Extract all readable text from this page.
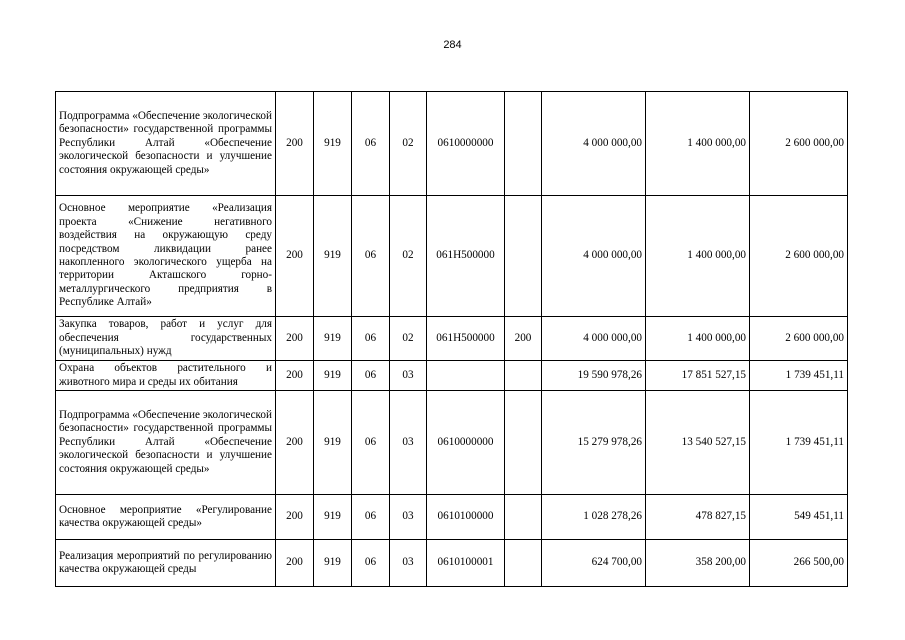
284
Подпрограмма «Обеспечение экологической безопасности» государственной программы Республики Алтай «Обеспечение экологической безопасности и улучшение состояния окружающей среды»	200	919	06	02	0610000000		4 000 000,00	1 400 000,00	2 600 000,00
Основное мероприятие «Реализация проекта «Снижение негативного воздействия на окружающую среду посредством ликвидации ранее накопленного экологического ущерба на территории Акташского горно-металлургического предприятия в Республике Алтай»	200	919	06	02	061H500000		4 000 000,00	1 400 000,00	2 600 000,00
Закупка товаров, работ и услуг для обеспечения государственных (муниципальных) нужд	200	919	06	02	061H500000	200	4 000 000,00	1 400 000,00	2 600 000,00
Охрана объектов растительного и животного мира и среды их обитания	200	919	06	03			19 590 978,26	17 851 527,15	1 739 451,11
Подпрограмма «Обеспечение экологической безопасности» государственной программы Республики Алтай «Обеспечение экологической безопасности и улучшение состояния окружающей среды»	200	919	06	03	0610000000		15 279 978,26	13 540 527,15	1 739 451,11
Основное мероприятие «Регулирование качества окружающей среды»	200	919	06	03	0610100000		1 028 278,26	478 827,15	549 451,11
Реализация мероприятий по регулированию качества окружающей среды	200	919	06	03	0610100001		624 700,00	358 200,00	266 500,00
